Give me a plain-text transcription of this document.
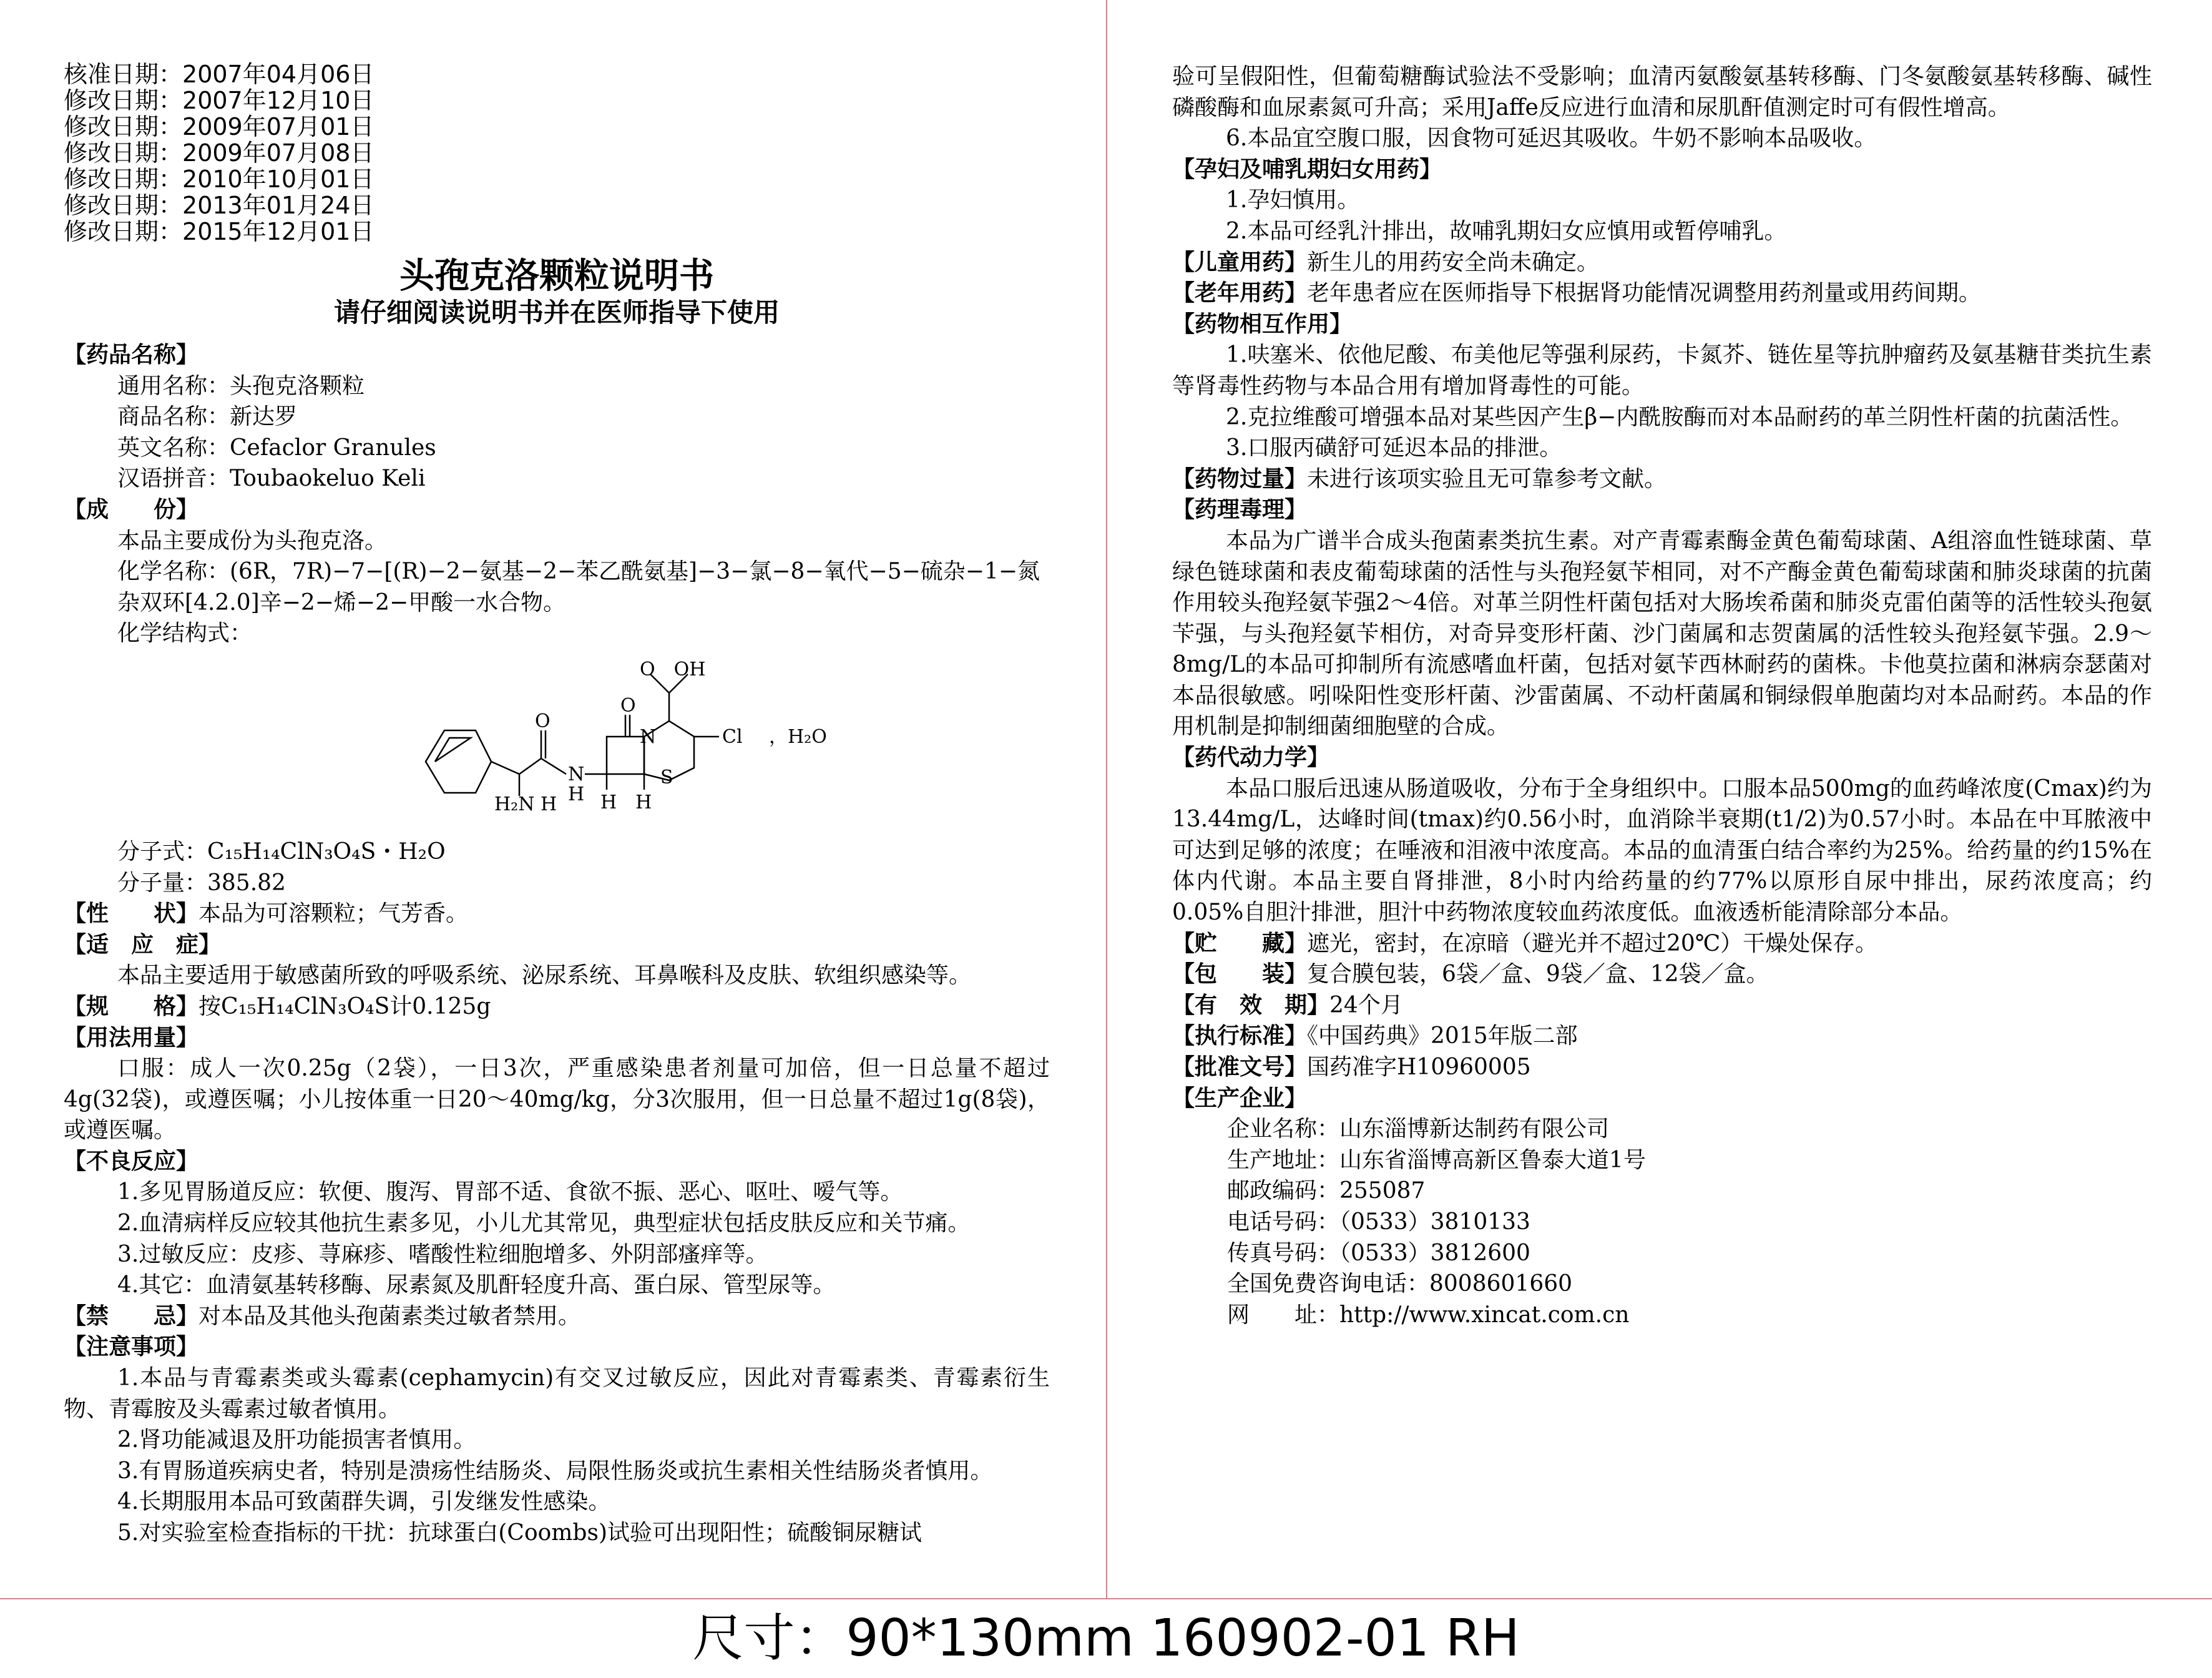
核准日期：2007年04月06日
修改日期：2007年12月10日
修改日期：2009年07月01日
修改日期：2009年07月08日
修改日期：2010年10月01日
修改日期：2013年01月24日
修改日期：2015年12月01日
头孢克洛颗粒说明书
请仔细阅读说明书并在医师指导下使用

【药品名称】

通用名称：头孢克洛颗粒

商品名称：新达罗

英文名称：Cefaclor Granules

汉语拼音：Toubaokeluo Keli

【成　　份】

本品主要成份为头孢克洛。

化学名称：(6R，7R)−7−[(R)−2−氨基−2−苯乙酰氨基]−3−氯−8−氧代−5−硫杂−1−氮杂双环[4.2.0]辛−2−烯−2−甲酸一水合物。

化学结构式：

O　OH
O
N
S
Cl ，H₂O
O
N
H
H₂N H H　H

分子式：C₁₅H₁₄ClN₃O₄S・H₂O

分子量：385.82

【性　　状】本品为可溶颗粒；气芳香。

【适　应　症】

本品主要适用于敏感菌所致的呼吸系统、泌尿系统、耳鼻喉科及皮肤、软组织感染等。

【规　　格】按C₁₅H₁₄ClN₃O₄S计0.125g

【用法用量】

口服：成人一次0.25g（2袋），一日3次，严重感染患者剂量可加倍，但一日总量不超过4g(32袋)，或遵医嘱；小儿按体重一日20～40mg/kg，分3次服用，但一日总量不超过1g(8袋)，或遵医嘱。

【不良反应】

1.多见胃肠道反应：软便、腹泻、胃部不适、食欲不振、恶心、呕吐、嗳气等。

2.血清病样反应较其他抗生素多见，小儿尤其常见，典型症状包括皮肤反应和关节痛。

3.过敏反应：皮疹、荨麻疹、嗜酸性粒细胞增多、外阴部瘙痒等。

4.其它：血清氨基转移酶、尿素氮及肌酐轻度升高、蛋白尿、管型尿等。

【禁　　忌】对本品及其他头孢菌素类过敏者禁用。

【注意事项】

1.本品与青霉素类或头霉素(cephamycin)有交叉过敏反应，因此对青霉素类、青霉素衍生物、青霉胺及头霉素过敏者慎用。

2.肾功能减退及肝功能损害者慎用。

3.有胃肠道疾病史者，特别是溃疡性结肠炎、局限性肠炎或抗生素相关性结肠炎者慎用。

4.长期服用本品可致菌群失调，引发继发性感染。

5.对实验室检查指标的干扰：抗球蛋白(Coombs)试验可出现阳性；硫酸铜尿糖试

验可呈假阳性，但葡萄糖酶试验法不受影响；血清丙氨酸氨基转移酶、门冬氨酸氨基转移酶、碱性磷酸酶和血尿素氮可升高；采用Jaffe反应进行血清和尿肌酐值测定时可有假性增高。

6.本品宜空腹口服，因食物可延迟其吸收。牛奶不影响本品吸收。

【孕妇及哺乳期妇女用药】

1.孕妇慎用。

2.本品可经乳汁排出，故哺乳期妇女应慎用或暂停哺乳。

【儿童用药】新生儿的用药安全尚未确定。

【老年用药】老年患者应在医师指导下根据肾功能情况调整用药剂量或用药间期。

【药物相互作用】

1.呋塞米、依他尼酸、布美他尼等强利尿药，卡氮芥、链佐星等抗肿瘤药及氨基糖苷类抗生素等肾毒性药物与本品合用有增加肾毒性的可能。

2.克拉维酸可增强本品对某些因产生β−内酰胺酶而对本品耐药的革兰阴性杆菌的抗菌活性。

3.口服丙磺舒可延迟本品的排泄。

【药物过量】未进行该项实验且无可靠参考文献。

【药理毒理】

本品为广谱半合成头孢菌素类抗生素。对产青霉素酶金黄色葡萄球菌、A组溶血性链球菌、草绿色链球菌和表皮葡萄球菌的活性与头孢羟氨苄相同，对不产酶金黄色葡萄球菌和肺炎球菌的抗菌作用较头孢羟氨苄强2～4倍。对革兰阴性杆菌包括对大肠埃希菌和肺炎克雷伯菌等的活性较头孢氨苄强，与头孢羟氨苄相仿，对奇异变形杆菌、沙门菌属和志贺菌属的活性较头孢羟氨苄强。2.9～8mg/L的本品可抑制所有流感嗜血杆菌，包括对氨苄西林耐药的菌株。卡他莫拉菌和淋病奈瑟菌对本品很敏感。吲哚阳性变形杆菌、沙雷菌属、不动杆菌属和铜绿假单胞菌均对本品耐药。本品的作用机制是抑制细菌细胞壁的合成。

【药代动力学】

本品口服后迅速从肠道吸收，分布于全身组织中。口服本品500mg的血药峰浓度(Cmax)约为13.44mg/L，达峰时间(tmax)约0.56小时，血消除半衰期(t1/2)为0.57小时。本品在中耳脓液中可达到足够的浓度；在唾液和泪液中浓度高。本品的血清蛋白结合率约为25%。给药量的约15%在体内代谢。本品主要自肾排泄，8小时内给药量的约77%以原形自尿中排出，尿药浓度高；约0.05%自胆汁排泄，胆汁中药物浓度较血药浓度低。血液透析能清除部分本品。

【贮　　藏】遮光，密封，在凉暗（避光并不超过20℃）干燥处保存。

【包　　装】复合膜包装，6袋／盒、9袋／盒、12袋／盒。

【有　效　期】24个月

【执行标准】《中国药典》2015年版二部

【批准文号】国药准字H10960005

【生产企业】

企业名称：山东淄博新达制药有限公司

生产地址：山东省淄博高新区鲁泰大道1号

邮政编码：255087

电话号码：（0533）3810133

传真号码：（0533）3812600

全国免费咨询电话：8008601660

网　　址：http://www.xincat.com.cn

尺寸：90*130mm 160902-01 RH
